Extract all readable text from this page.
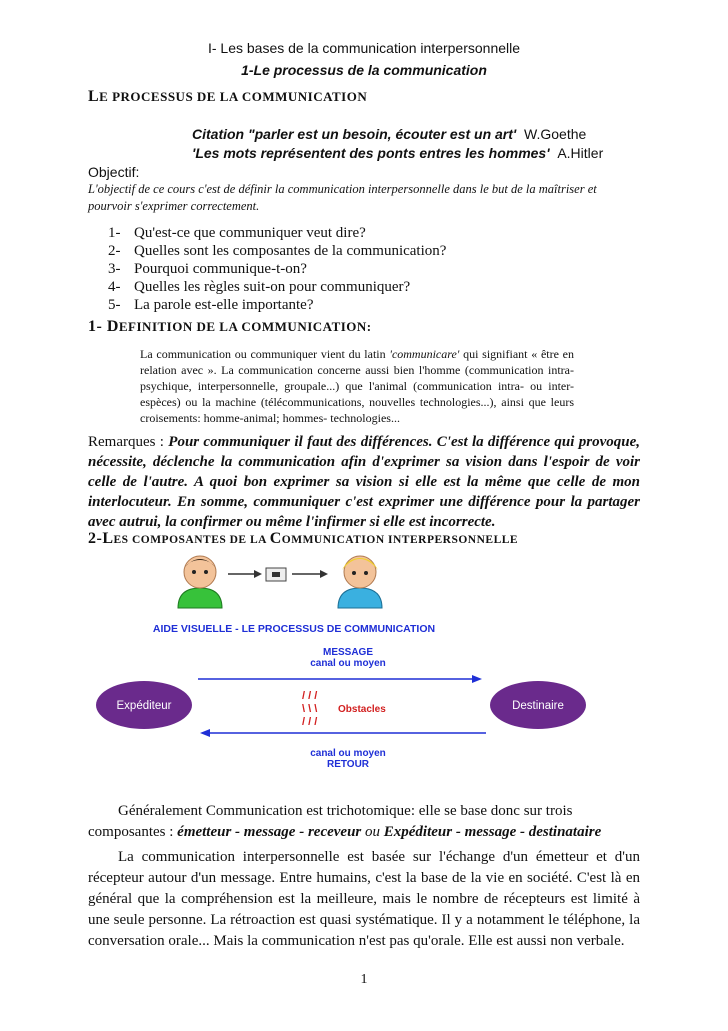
I- Les bases de la communication interpersonnelle
1-Le processus de la communication
LE PROCESSUS DE LA COMMUNICATION
Citation "parler est un besoin, écouter est un art' W.Goethe
'Les mots représentent des ponts entres les hommes' A.Hitler
Objectif:
L'objectif de ce cours c'est de définir la communication interpersonnelle dans le but de la maîtriser et pourvoir s'exprimer correctement.
1- Qu'est-ce que communiquer veut dire?
2- Quelles sont les composantes de la communication?
3- Pourquoi communique-t-on?
4- Quelles les règles suit-on pour communiquer?
5- La parole est-elle importante?
1- DEFINITION DE LA COMMUNICATION:
La communication ou communiquer vient du latin 'communicare' qui signifiant « être en relation avec ». La communication concerne aussi bien l'homme (communication intra-psychique, interpersonnelle, groupale...) que l'animal (communication intra- ou inter- espèces) ou la machine (télécommunications, nouvelles technologies...), ainsi que leurs croisements: homme-animal; hommes- technologies...
Remarques : Pour communiquer il faut des différences. C'est la différence qui provoque, nécessite, déclenche la communication afin d'exprimer sa vision dans l'espoir de voir celle de l'autre. A quoi bon exprimer sa vision si elle est la même que celle de mon interlocuteur. En somme, communiquer c'est exprimer une différence pour la partager avec autrui, la confirmer ou même l'infirmer si elle est incorrecte.
2-LES COMPOSANTES DE LA COMMUNICATION INTERPERSONNELLE
AIDE VISUELLE - LE PROCESSUS DE COMMUNICATION
MESSAGE
canal ou moyen
Expéditeur	Destinaire
/ / /
\ \ \
/ / /
Obstacles
canal ou moyen
RETOUR
Généralement Communication est trichotomique: elle se base donc sur trois composantes : émetteur - message - receveur ou Expéditeur - message - destinataire
La communication interpersonnelle est basée sur l'échange d'un émetteur et d'un récepteur autour d'un message. Entre humains, c'est la base de la vie en société. C'est là en général que la compréhension est la meilleure, mais le nombre de récepteurs est limité à une seule personne. La rétroaction est quasi systématique. Il y a notamment le téléphone, la conversation orale... Mais la communication n'est pas qu'orale. Elle est aussi non verbale.
1
